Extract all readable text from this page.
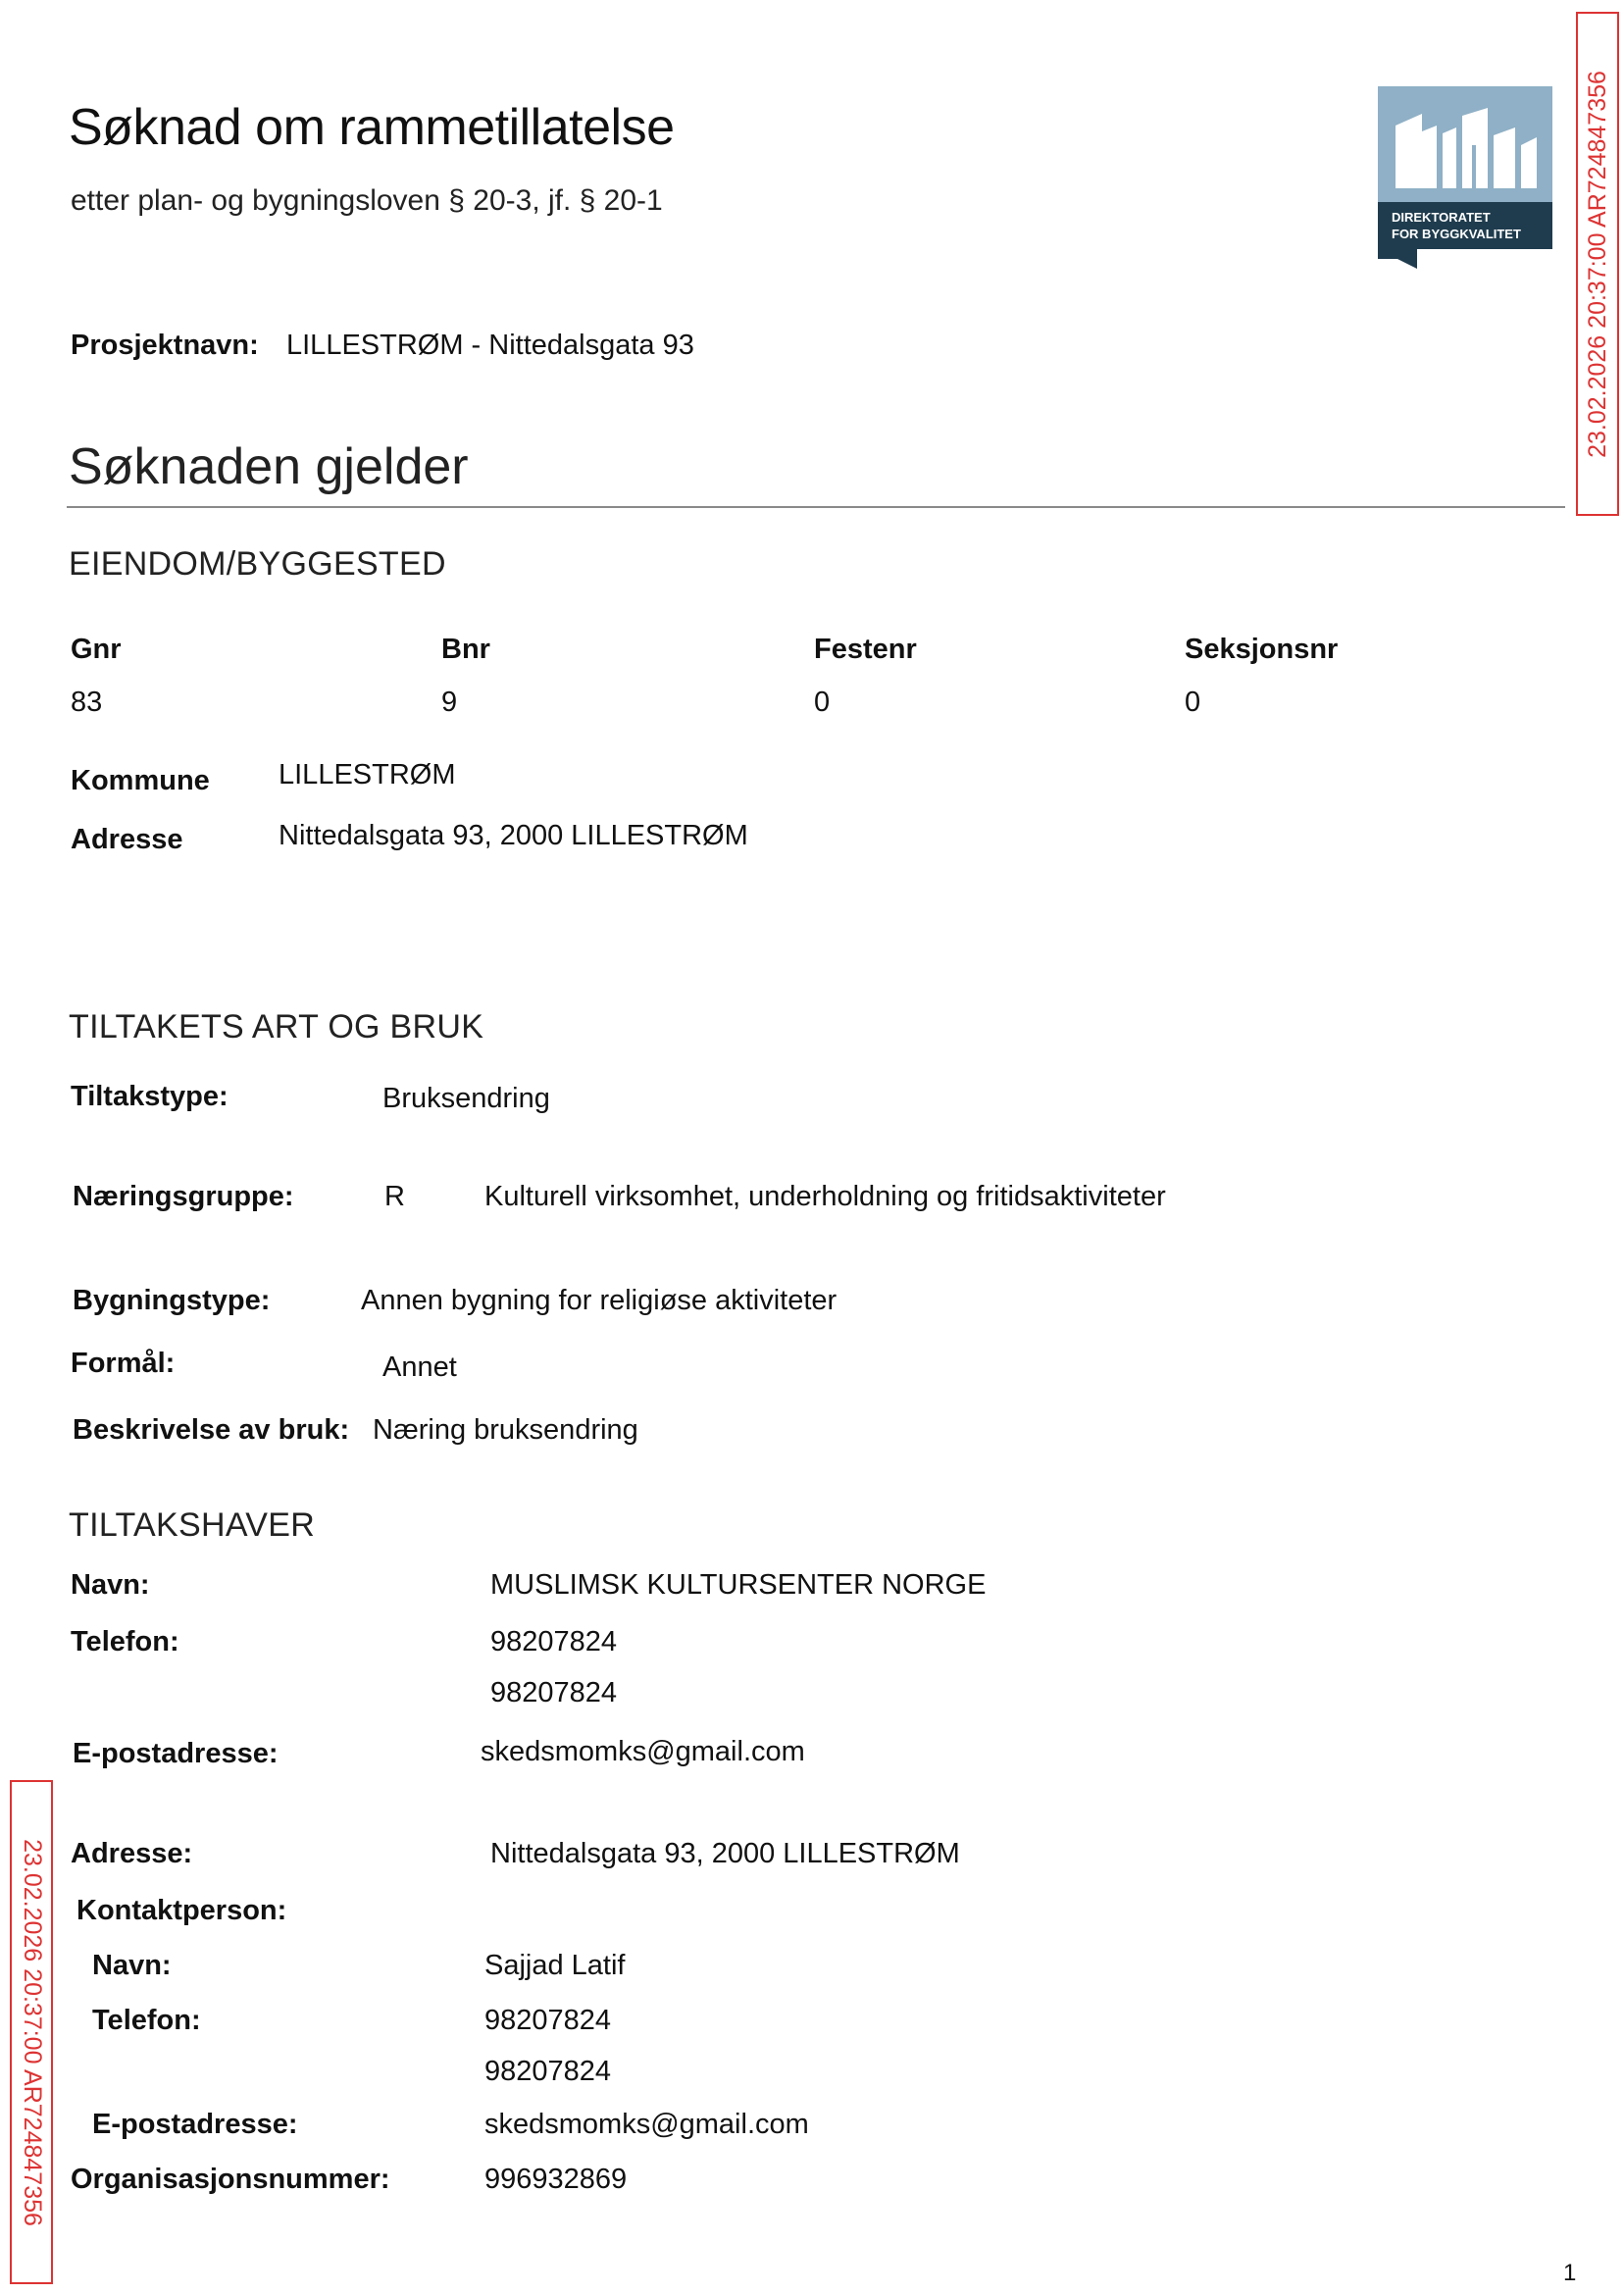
Søknad om rammetillatelse
etter plan- og bygningsloven § 20-3, jf. § 20-1
DIREKTORATET
FOR BYGGKVALITET	23.02.2026 20:37:00 AR724847356
23.02.2026 20:37:00 AR724847356
Prosjektnavn: LILLESTRØM - Nittedalsgata 93
Søknaden gjelder
EIENDOM/BYGGESTED
Gnr	Bnr	Festenr	Seksjonsnr
83	9	0	0
Kommune LILLESTRØM
Adresse	Nittedalsgata 93, 2000 LILLESTRØM
TILTAKETS ART OG BRUK
Tiltakstype:	Bruksendring
Næringsgruppe:	R	Kulturell virksomhet, underholdning og fritidsaktiviteter
Bygningstype:	Annen bygning for religiøse aktiviteter
Formål:	Annet
Beskrivelse av bruk: Næring bruksendring
TILTAKSHAVER
Navn:	MUSLIMSK KULTURSENTER NORGE
Telefon:	98207824
98207824
E-postadresse:	skedsmomks@gmail.com
Adresse:	Nittedalsgata 93, 2000 LILLESTRØM
Kontaktperson:
Navn:	Sajjad Latif
Telefon:	98207824
98207824
E-postadresse:	skedsmomks@gmail.com
Organisasjonsnummer:	996932869
1
